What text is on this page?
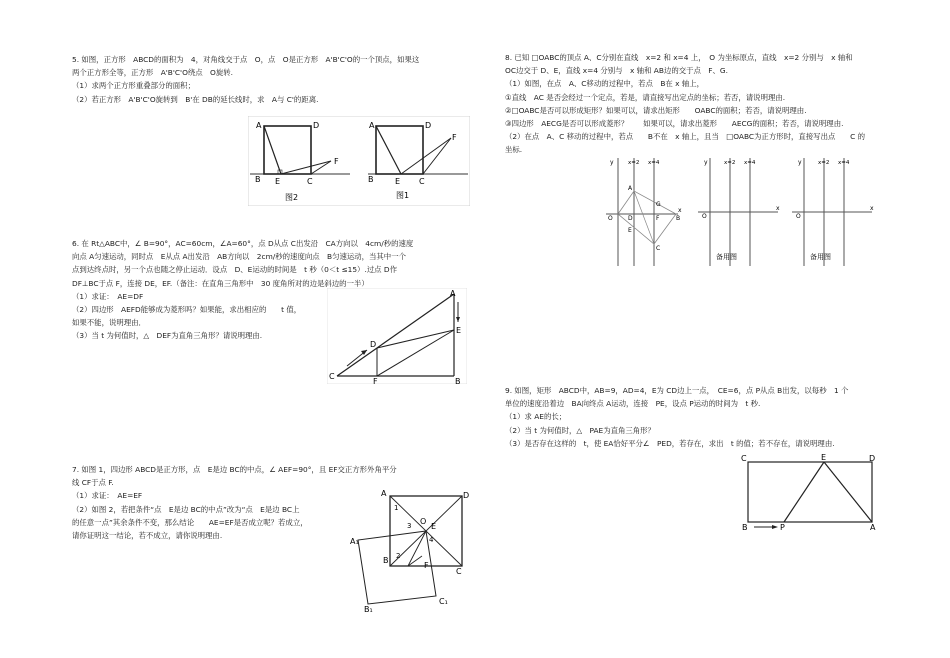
5. 如图，正方形　ABCD的面积为　4，对角线交于点　O，点　O是正方形　A'B'C'O的一个顶点，如果这

两个正方形全等，正方形　A'B'C'O绕点　O旋转.

（1）求两个正方形重叠部分的面积；

（2）若正方形　A'B'C'O旋转到　B'在 DB的延长线时，求　A与 C'的距离.

A	D
B E	C
F
图2
A	D
B	E C
F
图1

6. 在 Rt△ABC中，∠ B=90°，AC=60cm，∠A=60°，点 D从点 C出发沿　CA方向以　4cm/秒的速度

向点 A匀速运动，同时点　E从点 A出发沿　AB方向以　2cm/秒的速度向点　B匀速运动，当其中一个

点到达终点时，另一个点也随之停止运动．设点　D、E运动的时间是　t 秒（0＜t ≤15）.过点 D作

DF⊥BC于点 F，连接 DE，EF.（备注：在直角三角形中　30 度角所对的边是斜边的一半）

（1）求证：　AE=DF

（2）四边形　AEFD能够成为菱形吗？如果能，求出相应的　　t 值，

如果不能，说明理由．

（3）当 t 为何值时，△　DEF为直角三角形？请说明理由.

A
E
D
C
F	B

7. 如图 1，四边形 ABCD是正方形，点　E是边 BC的中点，∠ AEF=90°，且 EF交正方形外角平分

线 CF于点 F.

（1）求证：　AE=EF

（2）如图 2，若把条件“点　E是边 BC的中点”改为“点　E是边 BC上

的任意一点”其余条件不变，那么结论　　AE=EF是否成立呢？若成立，

请你证明这一结论，若不成立，请你说明理由.

A	D
O
E
1
3
4
2
A₁
B
F
C
B₁
C₁

8. 已知 □OABC的顶点 A、C分别在直线　x=2 和 x=4 上，　O 为坐标原点，直线　x=2 分别与　x 轴和

OC边交于 D、E，直线 x=4 分别与　x 轴和 AB边的交于点　F、G.

（1）如图，在点　A、C移动的过程中，若点　B在 x 轴上，

①直线　AC 是否会经过一个定点，若是，请直接写出定点的坐标；若否，请说明理由.

②□OABC是否可以形成矩形？如果可以，请求出矩形　　OABC的面积；若否，请说明理由.

③四边形　AECG是否可以形成菱形？　　如果可以，请求出菱形　　AECG的面积；若否，请说明理由.

（2）在点　A、C 移动的过程中，若点　　B不在　x 轴上，且当　□OABC为正方形时，直接写出点　　C 的

坐标.

x=2 x=4
y
x
O
A
B
C
D
E
F
G
x=2 x=4
y
x
O
备用图
x=2 x=4
y
x
O
备用图

9. 如图，矩形　ABCD中，AB=9，AD=4，E为 CD边上一点，　CE=6，点 P从点 B出发，以每秒　1 个

单位的速度沿着边　BA向终点 A运动，连接　PE，设点 P运动的时间为　t 秒.

（1）求 AE的长；

（2）当 t 为何值时，△　PAE为直角三角形？

（3）是否存在这样的　t，使 EA恰好平分∠　PED，若存在，求出　t 的值；若不存在，请说明理由.

C	E	D
B	P	A
